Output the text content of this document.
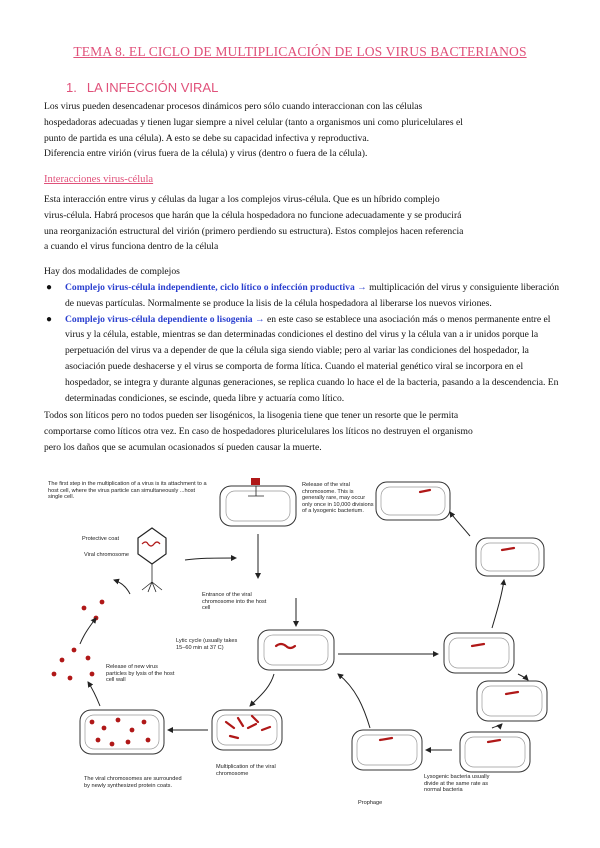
TEMA 8. EL CICLO DE MULTIPLICACIÓN DE LOS VIRUS BACTERIANOS
1. LA INFECCIÓN VIRAL

Los virus pueden desencadenar procesos dinámicos pero sólo cuando interaccionan con las células

hospedadoras adecuadas y tienen lugar siempre a nivel celular (tanto a organismos uni como pluricelulares el

punto de partida es una célula). A esto se debe su capacidad infectiva y reproductiva.

Diferencia entre virión (virus fuera de la célula) y virus (dentro o fuera de la célula).

Interacciones virus-célula

Esta interacción entre virus y células da lugar a los complejos virus-célula. Que es un híbrido complejo

virus-célula. Habrá procesos que harán que la célula hospedadora no funcione adecuadamente y se producirá

una reorganización estructural del virión (primero perdiendo su estructura). Estos complejos hacen referencia

a cuando el virus funciona dentro de la célula

Hay dos modalidades de complejos

● Complejo virus-célula independiente, ciclo lítico o infección productiva → multiplicación del virus y consiguiente liberación de nuevas partículas. Normalmente se produce la lisis de la célula hospedadora al liberarse los nuevos viriones.
● Complejo virus-célula dependiente o lisogenia → en este caso se establece una asociación más o menos permanente entre el virus y la célula, estable, mientras se dan determinadas condiciones el destino del virus y la célula van a ir unidos porque la perpetuación del virus va a depender de que la célula siga siendo viable; pero al variar las condiciones del hospedador, la asociación puede deshacerse y el virus se comporta de forma lítica. Cuando el material genético viral se incorpora en el hospedador, se integra y durante algunas generaciones, se replica cuando lo hace el de la bacteria, pasando a la descendencia. En determinadas condiciones, se escinde, queda libre y actuaría como lítico.

Todos son líticos pero no todos pueden ser lisogénicos, la lisogenia tiene que tener un resorte que le permita

comportarse como líticos otra vez. En caso de hospedadores pluricelulares los líticos no destruyen el organismo

pero los daños que se acumulan ocasionados sí pueden causar la muerte.

The first step in the multiplication of a virus is its attachment to a host cell, where the virus particle can simultaneously ...host single cell.

Protective coat

Viral chromosome

Entrance of the viral chromosome into the host cell

Release of the viral chromosome. This is generally rare, may occur only once in 10,000 divisions of a lysogenic bacterium.

Lytic cycle (usually takes 15–60 min at 37 C)

Release of new virus particles by lysis of the host cell wall

The viral chromosomes are surrounded by newly synthesized protein coats.

Multiplication of the viral chromosome

Prophage

Lysogenic bacteria usually divide at the same rate as normal bacteria
